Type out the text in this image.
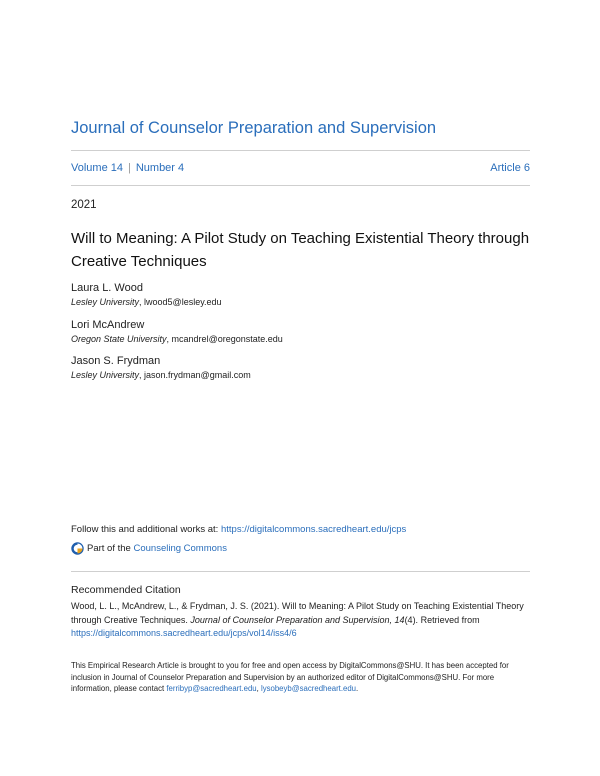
Journal of Counselor Preparation and Supervision
Volume 14 | Number 4	Article 6
2021
Will to Meaning: A Pilot Study on Teaching Existential Theory through Creative Techniques
Laura L. Wood
Lesley University, lwood5@lesley.edu
Lori McAndrew
Oregon State University, mcandrel@oregonstate.edu
Jason S. Frydman
Lesley University, jason.frydman@gmail.com
Follow this and additional works at: https://digitalcommons.sacredheart.edu/jcps
Part of the
Counseling Commons
Recommended Citation
Wood, L. L., McAndrew, L., & Frydman, J. S. (2021). Will to Meaning: A Pilot Study on Teaching Existential Theory through Creative Techniques. Journal of Counselor Preparation and Supervision, 14(4). Retrieved from https://digitalcommons.sacredheart.edu/jcps/vol14/iss4/6
This Empirical Research Article is brought to you for free and open access by DigitalCommons@SHU. It has been accepted for inclusion in Journal of Counselor Preparation and Supervision by an authorized editor of DigitalCommons@SHU. For more information, please contact ferribyp@sacredheart.edu, lysobeyb@sacredheart.edu.
